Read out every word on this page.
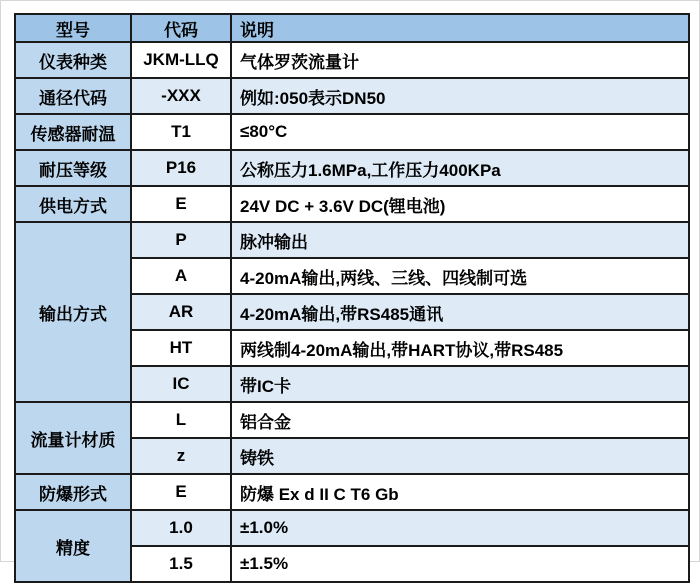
型号	代码	说明
仪表种类	JKM-LLQ	气体罗茨流量计
通径代码	-XXX	例如:050表示DN50
传感器耐温	T1	≤80°C
耐压等级	P16	公称压力1.6MPa,工作压力400KPa
供电方式	E	24V DC + 3.6V DC(锂电池)
输出方式	P	脉冲输出
	A	4-20mA输出,两线、三线、四线制可选
	AR	4-20mA输出,带RS485通讯
	HT	两线制4-20mA输出,带HART协议,带RS485
	IC	带IC卡
流量计材质	L	铝合金
	z	铸铁
防爆形式	E	防爆 Ex d II C T6 Gb
精度	1.0	±1.0%
	1.5	±1.5%
